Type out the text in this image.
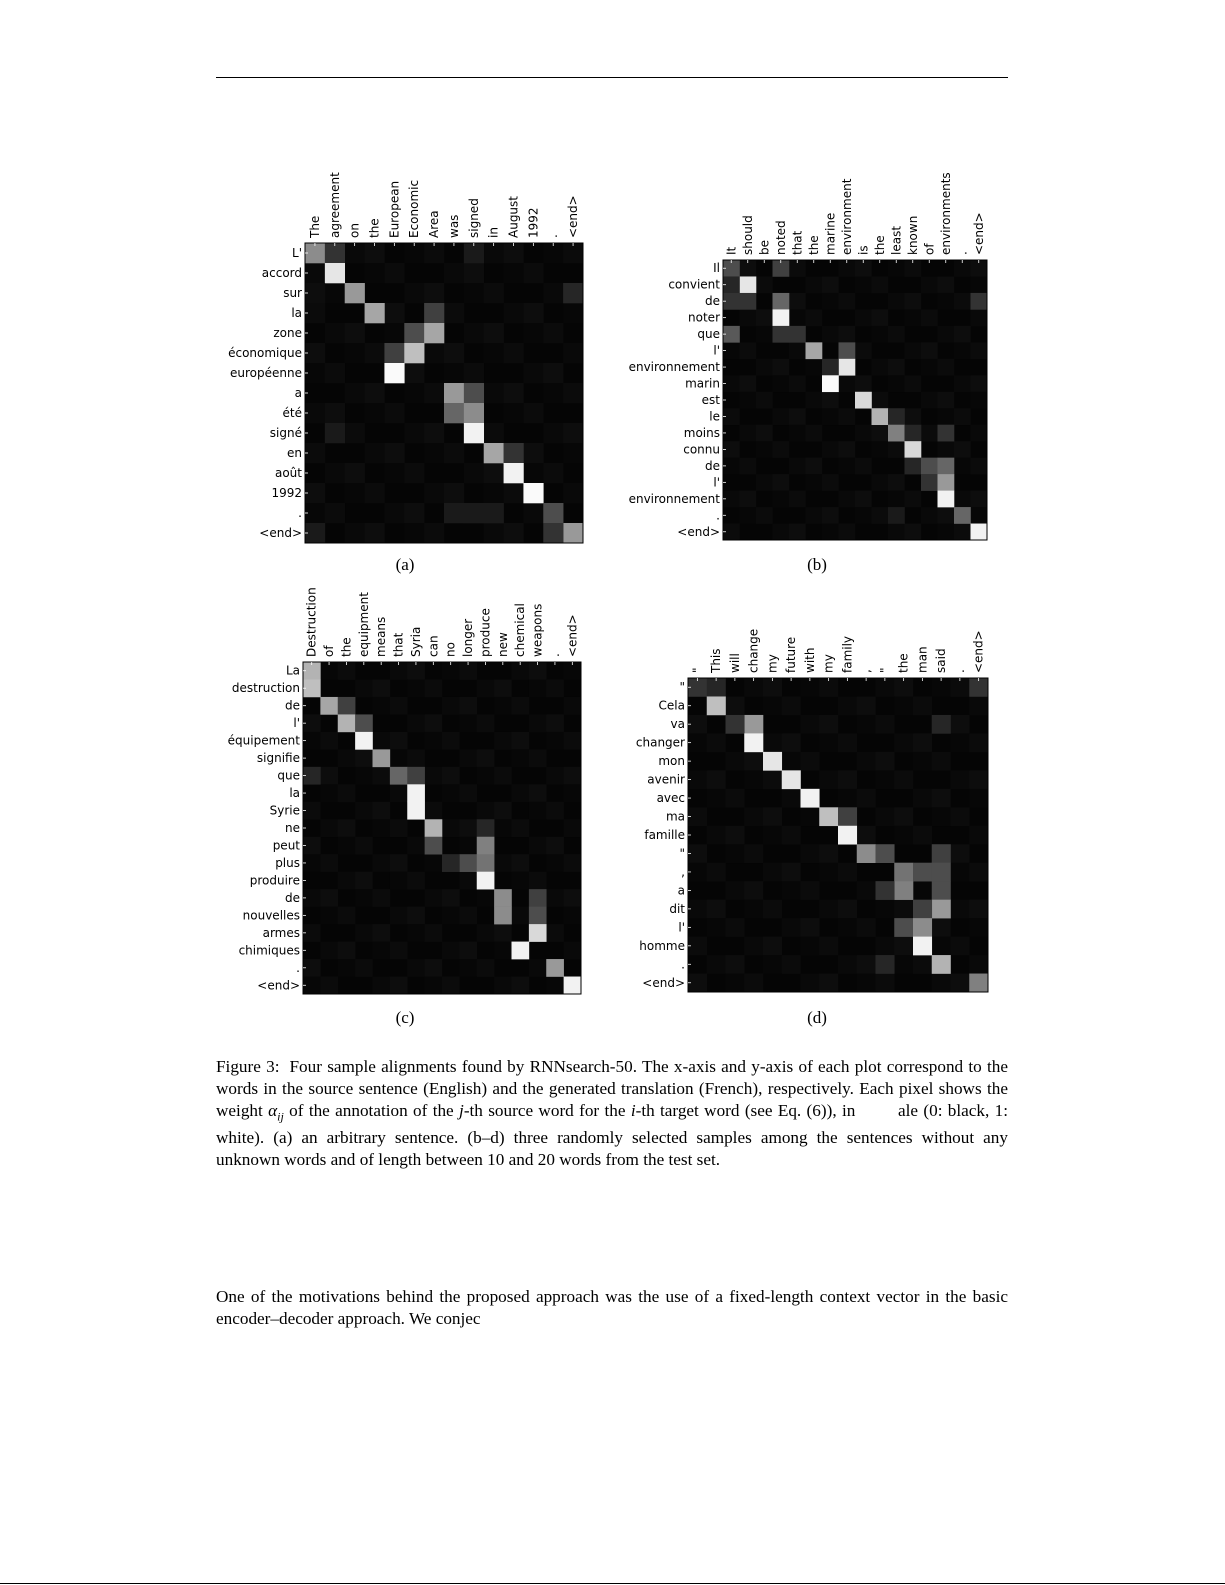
The agreement on the European Economic Area was signed in August 1992 . <end>
L'
accord
sur
la
zone
économique
européenne
a
été
signé
en
août
1992
.
<end>
(a)
It should be noted that the marine environment is the least known of environments . <end>
Il
convient
de
noter
que
l'
environnement
marin
est
le
moins
connu
de
l'
environnement
.
<end>
(b)
Destruction of the equipment means that Syria can no longer produce new chemical weapons . <end>
La
destruction
de
l'
équipement
signifie
que
la
Syrie
ne
peut
plus
produire
de
nouvelles
armes
chimiques
.
<end>
(c)
" This will change my future with my family , " the man said . <end>
"
Cela
va
changer
mon
avenir
avec
ma
famille
"
,
a
dit
l'
homme
.
<end>
(d)
Figure 3: Four sample alignments found by RNNsearch-50. The x-axis and y-axis of each plot correspond to the words in the source sentence (English) and the generated translation (French), respectively. Each pixel shows the weight $\alpha_{ij}$ of the annotation of the j-th source word for the i-th target word (see Eq. (6)), in        ale (0: black, 1: white). (a) an arbitrary sentence. (b–d) three randomly selected samples among the sentences without any unknown words and of length between 10 and 20 words from the test set.
One of the motivations behind the proposed approach was the use of a fixed-length context vector in the basic encoder–decoder approach. We conjec
